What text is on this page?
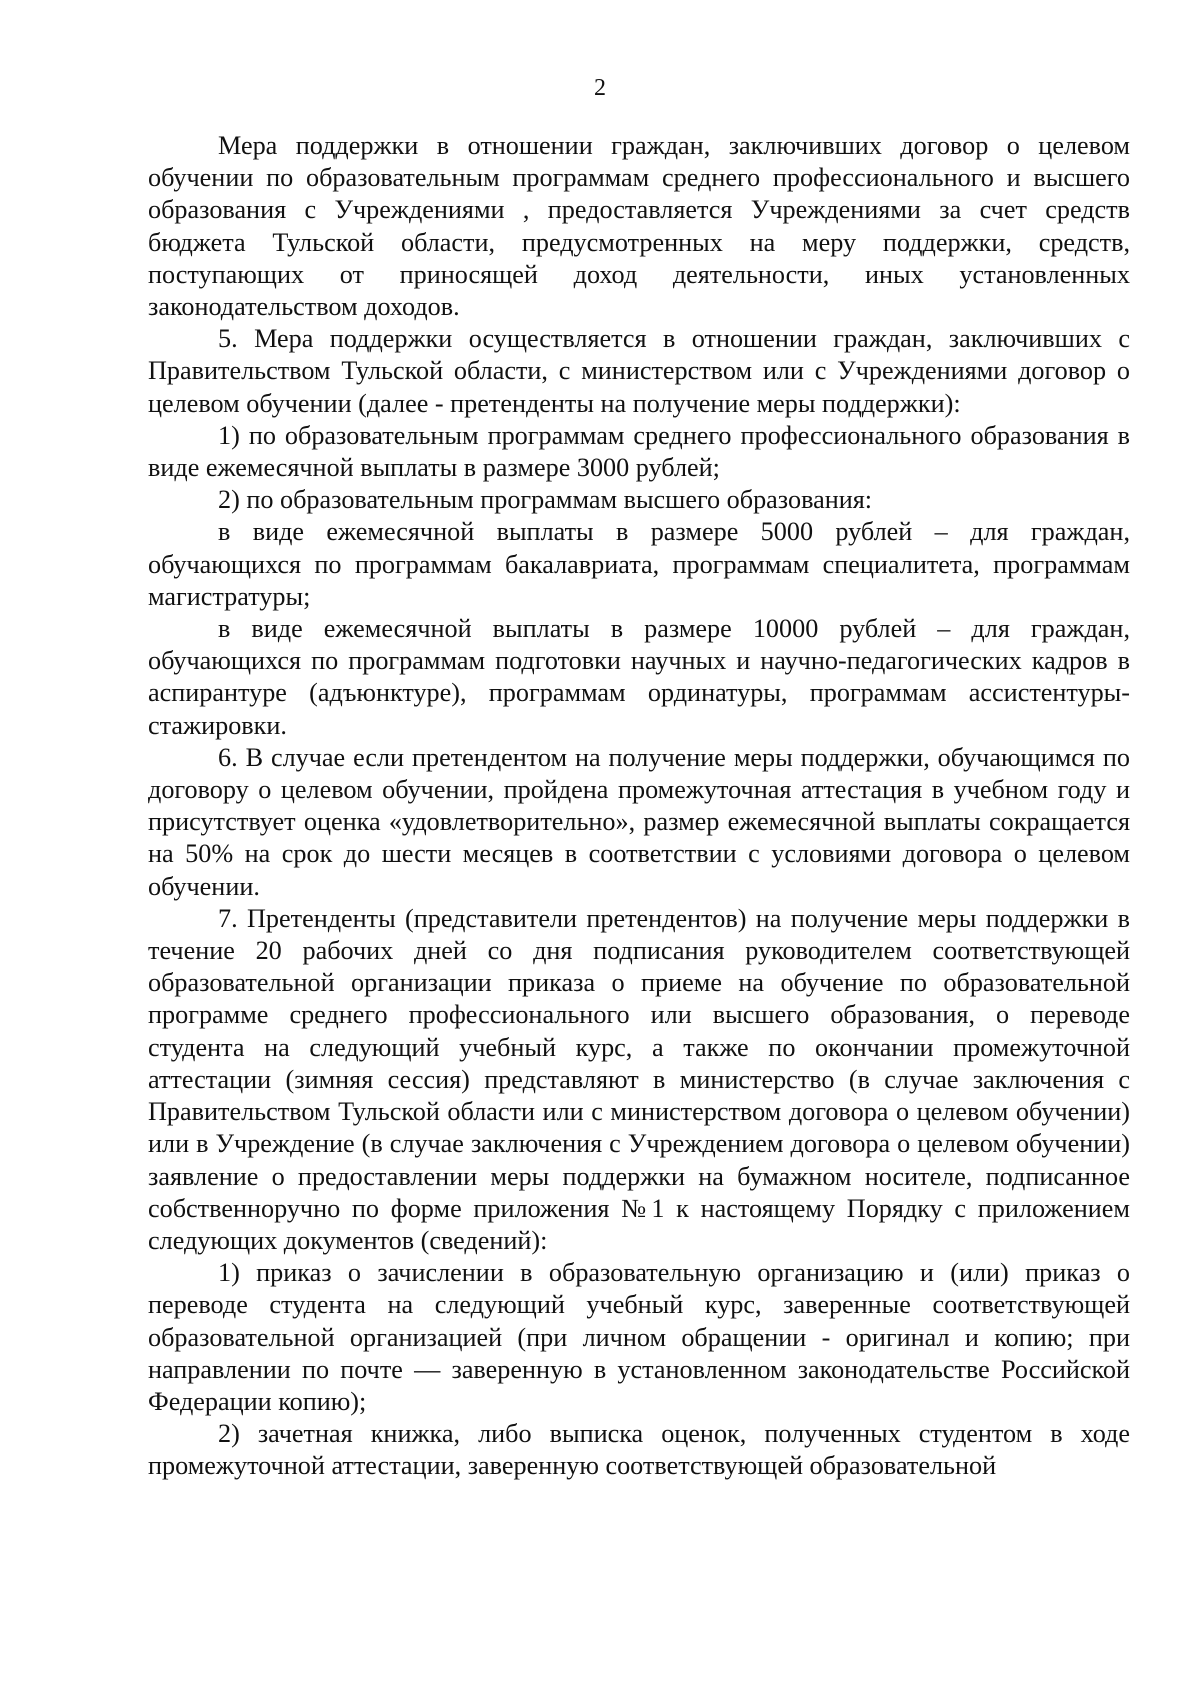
2

Мера поддержки в отношении граждан, заключивших договор о целевом обучении по образовательным программам среднего профессионального и высшего образования с Учреждениями , предоставляется Учреждениями за счет средств бюджета Тульской области, предусмотренных на меру поддержки, средств, поступающих от приносящей доход деятельности, иных установленных законодательством доходов.

5. Мера поддержки осуществляется в отношении граждан, заключивших с Правительством Тульской области, с министерством или с Учреждениями договор о целевом обучении (далее - претенденты на получение меры поддержки):

1) по образовательным программам среднего профессионального образования в виде ежемесячной выплаты в размере 3000 рублей;

2) по образовательным программам высшего образования:

в виде ежемесячной выплаты в размере 5000 рублей – для граждан, обучающихся по программам бакалавриата, программам специалитета, программам магистратуры;

в виде ежемесячной выплаты в размере 10000 рублей – для граждан, обучающихся по программам подготовки научных и научно-педагогических кадров в аспирантуре (адъюнктуре), программам ординатуры, программам ассистентуры-стажировки.

6. В случае если претендентом на получение меры поддержки, обучающимся по договору о целевом обучении, пройдена промежуточная аттестация в учебном году и присутствует оценка «удовлетворительно», размер ежемесячной выплаты сокращается на 50% на срок до шести месяцев в соответствии с условиями договора о целевом обучении.

7. Претенденты (представители претендентов) на получение меры поддержки в течение 20 рабочих дней со дня подписания руководителем соответствующей образовательной организации приказа о приеме на обучение по образовательной программе среднего профессионального или высшего образования, о переводе студента на следующий учебный курс, а также по окончании промежуточной аттестации (зимняя сессия) представляют в министерство (в случае заключения с Правительством Тульской области или с министерством договора о целевом обучении) или в Учреждение (в случае заключения с Учреждением договора о целевом обучении) заявление о предоставлении меры поддержки на бумажном носителе, подписанное собственноручно по форме приложения №1 к настоящему Порядку с приложением следующих документов (сведений):

1) приказ о зачислении в образовательную организацию и (или) приказ о переводе студента на следующий учебный курс, заверенные соответствующей образовательной организацией (при личном обращении - оригинал и копию; при направлении по почте — заверенную в установленном законодательстве Российской Федерации копию);

2) зачетная книжка, либо выписка оценок, полученных студентом в ходе промежуточной аттестации, заверенную соответствующей образовательной
